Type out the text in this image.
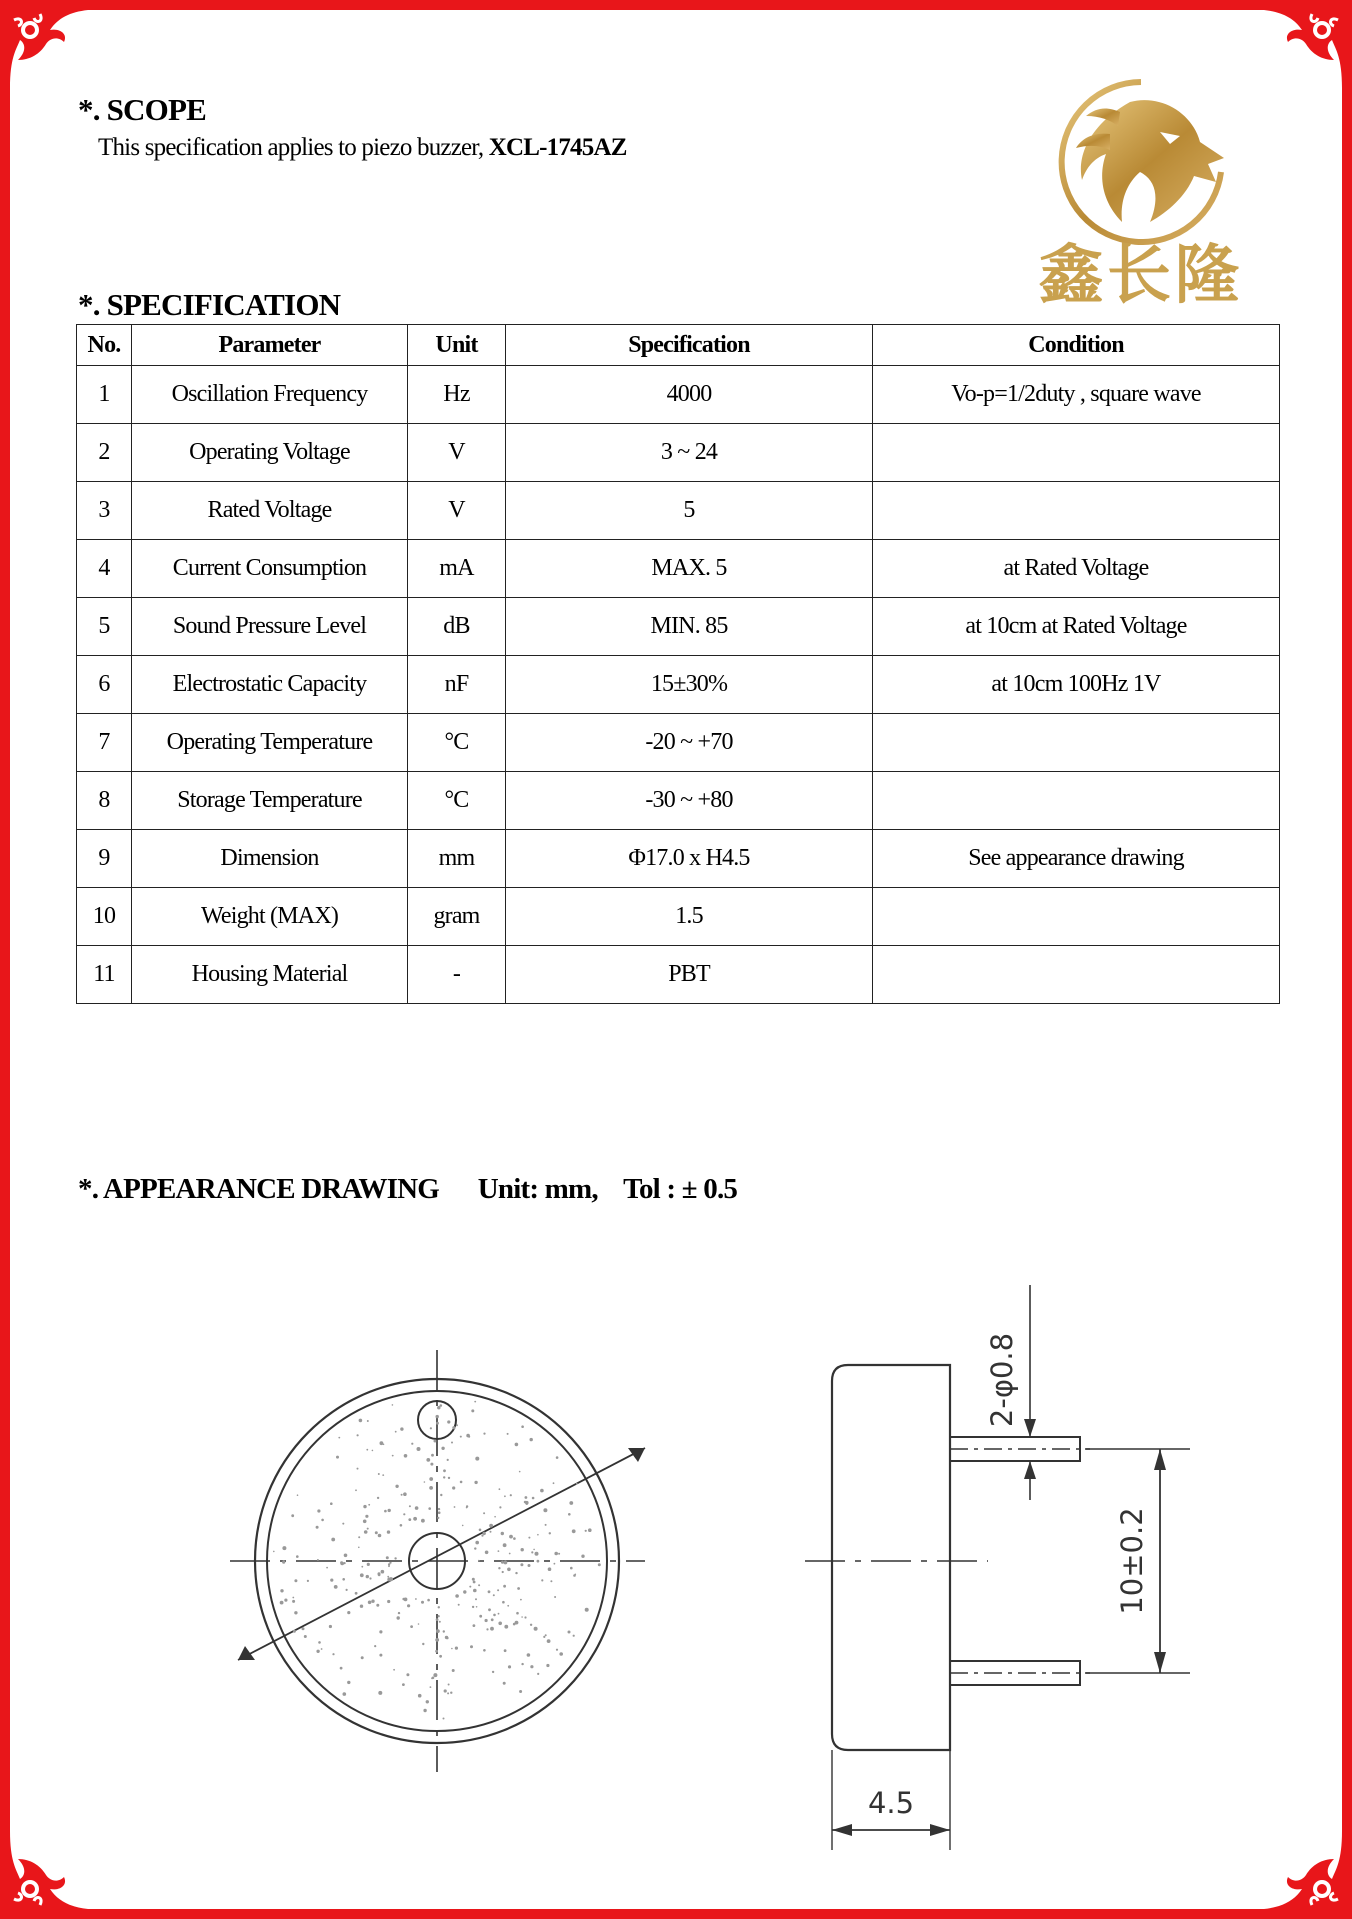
*. SCOPE
This specification applies to piezo buzzer, XCL-1745AZ
鑫长隆
*. SPECIFICATION
No.	Parameter	Unit	Specification	Condition
1	Oscillation Frequency	Hz	4000	Vo-p=1/2duty , square wave
2	Operating Voltage	V	3 ~ 24	
3	Rated Voltage	V	5	
4	Current Consumption	mA	MAX. 5	at Rated Voltage
5	Sound Pressure Level	dB	MIN. 85	at 10cm at Rated Voltage
6	Electrostatic Capacity	nF	15±30%	at 10cm 100Hz 1V
7	Operating Temperature	°C	-20 ~ +70	
8	Storage Temperature	°C	-30 ~ +80	
9	Dimension	mm	Φ17.0 x H4.5	See appearance drawing
10	Weight (MAX)	gram	1.5	
11	Housing Material	-	PBT	
*. APPEARANCE DRAWING Unit: mm, Tol : ± 0.5
2-φ0.8
10±0.2
4.5
